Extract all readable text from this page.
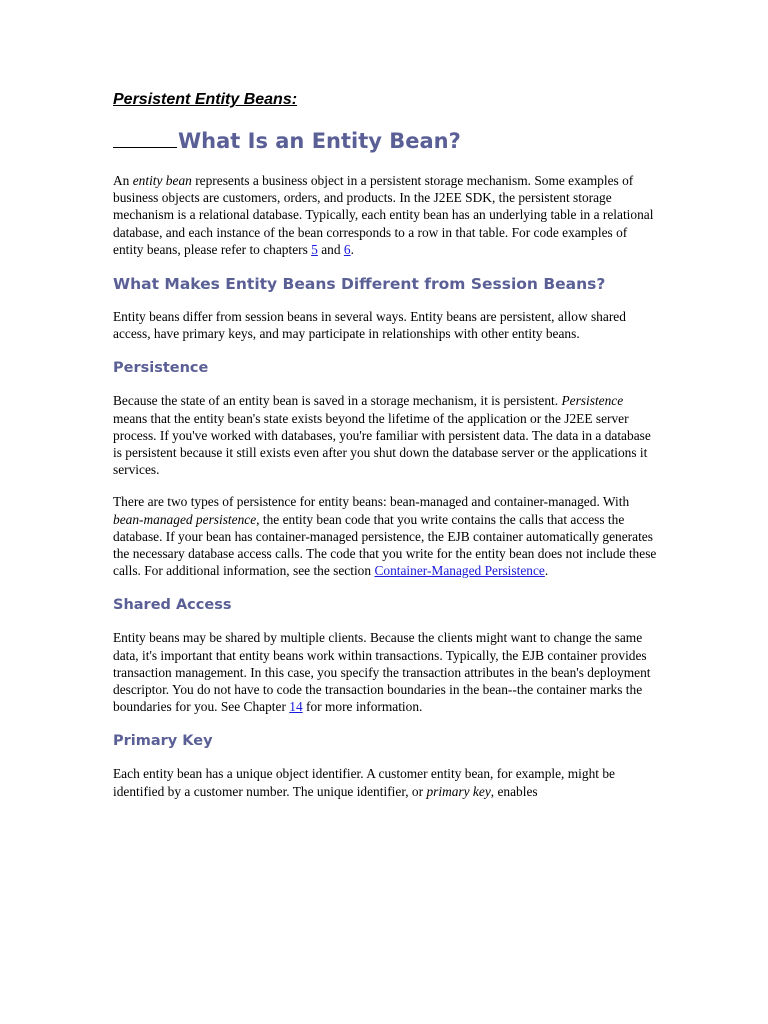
Persistent Entity Beans:
What Is an Entity Bean?

An entity bean represents a business object in a persistent storage mechanism. Some examples of business objects are customers, orders, and products. In the J2EE SDK, the persistent storage mechanism is a relational database. Typically, each entity bean has an underlying table in a relational database, and each instance of the bean corresponds to a row in that table. For code examples of entity beans, please refer to chapters 5 and 6.

What Makes Entity Beans Different from Session Beans?

Entity beans differ from session beans in several ways. Entity beans are persistent, allow shared access, have primary keys, and may participate in relationships with other entity beans.

Persistence

Because the state of an entity bean is saved in a storage mechanism, it is persistent. Persistence means that the entity bean's state exists beyond the lifetime of the application or the J2EE server process. If you've worked with databases, you're familiar with persistent data. The data in a database is persistent because it still exists even after you shut down the database server or the applications it services.

There are two types of persistence for entity beans: bean-managed and container-managed. With bean-managed persistence, the entity bean code that you write contains the calls that access the database. If your bean has container-managed persistence, the EJB container automatically generates the necessary database access calls. The code that you write for the entity bean does not include these calls. For additional information, see the section Container-Managed Persistence.

Shared Access

Entity beans may be shared by multiple clients. Because the clients might want to change the same data, it's important that entity beans work within transactions. Typically, the EJB container provides transaction management. In this case, you specify the transaction attributes in the bean's deployment descriptor. You do not have to code the transaction boundaries in the bean--the container marks the boundaries for you. See Chapter 14 for more information.

Primary Key

Each entity bean has a unique object identifier. A customer entity bean, for example, might be identified by a customer number. The unique identifier, or primary key, enables
